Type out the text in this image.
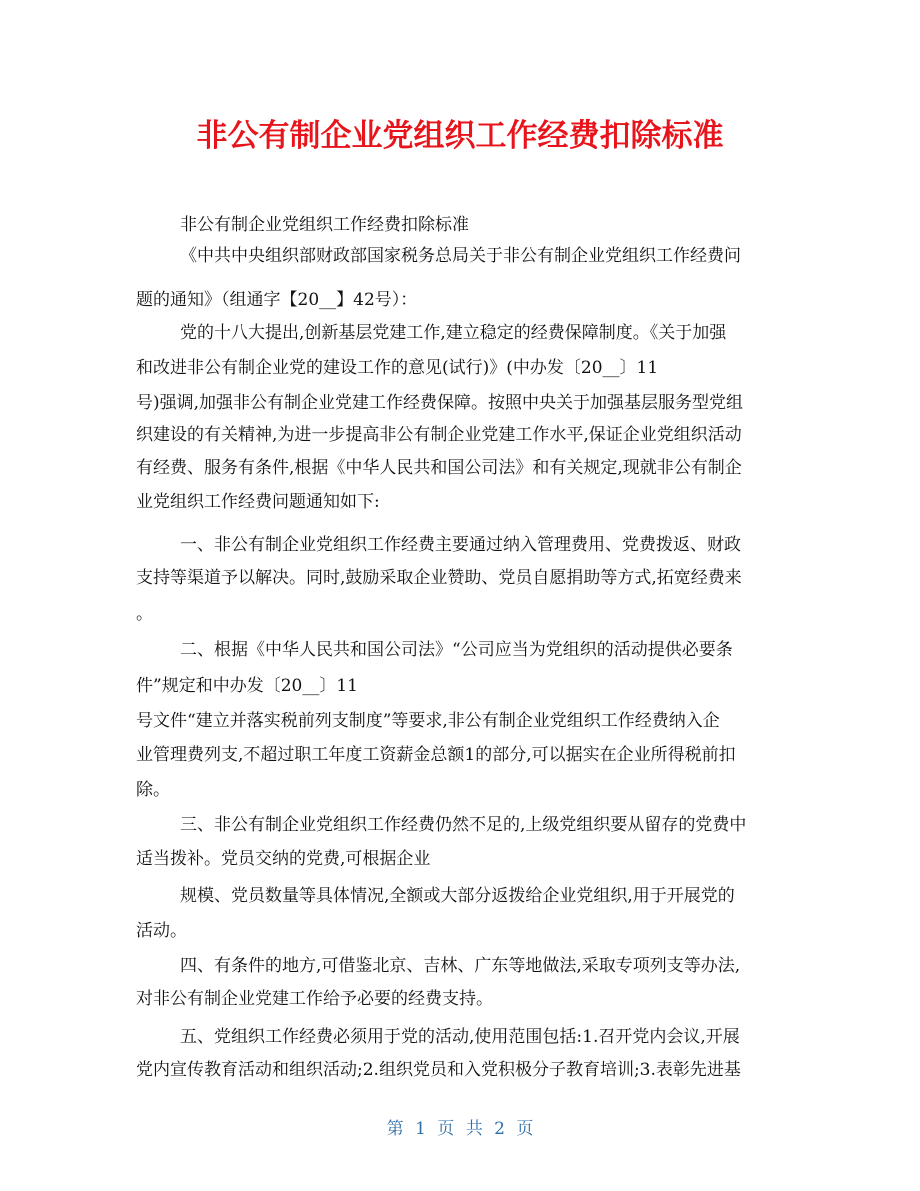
非公有制企业党组织工作经费扣除标准
非公有制企业党组织工作经费扣除标准
《中共中央组织部财政部国家税务总局关于非公有制企业党组织工作经费问
题的通知》（组通字【20__】42号）：
党的十八大提出,创新基层党建工作,建立稳定的经费保障制度。《关于加强
和改进非公有制企业党的建设工作的意见(试行)》(中办发〔20__〕11
号)强调,加强非公有制企业党建工作经费保障。按照中央关于加强基层服务型党组
织建设的有关精神,为进一步提高非公有制企业党建工作水平,保证企业党组织活动
有经费、服务有条件,根据《中华人民共和国公司法》和有关规定,现就非公有制企
业党组织工作经费问题通知如下:
一、非公有制企业党组织工作经费主要通过纳入管理费用、党费拨返、财政
支持等渠道予以解决。同时,鼓励采取企业赞助、党员自愿捐助等方式,拓宽经费来
。
二、根据《中华人民共和国公司法》“公司应当为党组织的活动提供必要条
件”规定和中办发〔20__〕11
号文件“建立并落实税前列支制度”等要求,非公有制企业党组织工作经费纳入企
业管理费列支,不超过职工年度工资薪金总额1的部分,可以据实在企业所得税前扣
除。
三、非公有制企业党组织工作经费仍然不足的,上级党组织要从留存的党费中
适当拨补。党员交纳的党费,可根据企业
规模、党员数量等具体情况,全额或大部分返拨给企业党组织,用于开展党的
活动。
四、有条件的地方,可借鉴北京、吉林、广东等地做法,采取专项列支等办法,
对非公有制企业党建工作给予必要的经费支持。
五、党组织工作经费必须用于党的活动,使用范围包括:1.召开党内会议,开展
党内宣传教育活动和组织活动;2.组织党员和入党积极分子教育培训;3.表彰先进基
第 1 页 共 2 页
